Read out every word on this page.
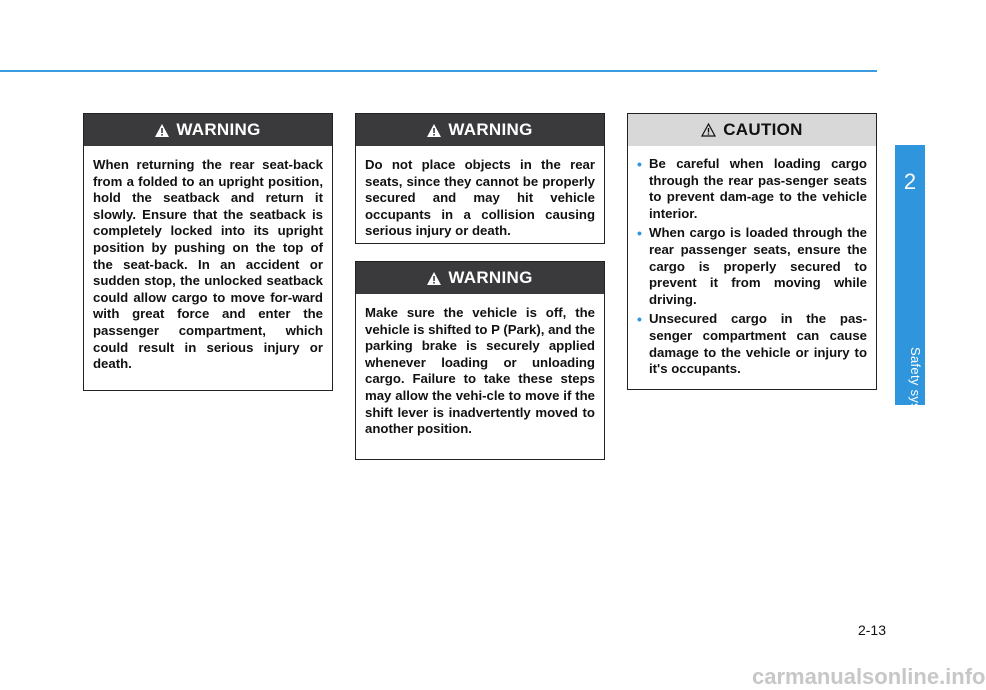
2
Safety system of your vehicle
WARNING
When returning the rear seat-back from a folded to an upright position, hold the seatback and return it slowly. Ensure that the seatback is completely locked into its upright position by pushing on the top of the seat-back. In an accident or sudden stop, the unlocked seatback could allow cargo to move for-ward with great force and enter the passenger compartment, which could result in serious injury or death.
WARNING
Do not place objects in the rear seats, since they cannot be properly secured and may hit vehicle occupants in a collision causing serious injury or death.
WARNING
Make sure the vehicle is off, the vehicle is shifted to P (Park), and the parking brake is securely applied whenever loading or unloading cargo. Failure to take these steps may allow the vehi-cle to move if the shift lever is inadvertently moved to another position.
CAUTION
• Be careful when loading cargo through the rear pas-senger seats to prevent dam-age to the vehicle interior.
• When cargo is loaded through the rear passenger seats, ensure the cargo is properly secured to prevent it from moving while driving.
• Unsecured cargo in the pas-senger compartment can cause damage to the vehicle or injury to it's occupants.
2-13
carmanualsonline.info
